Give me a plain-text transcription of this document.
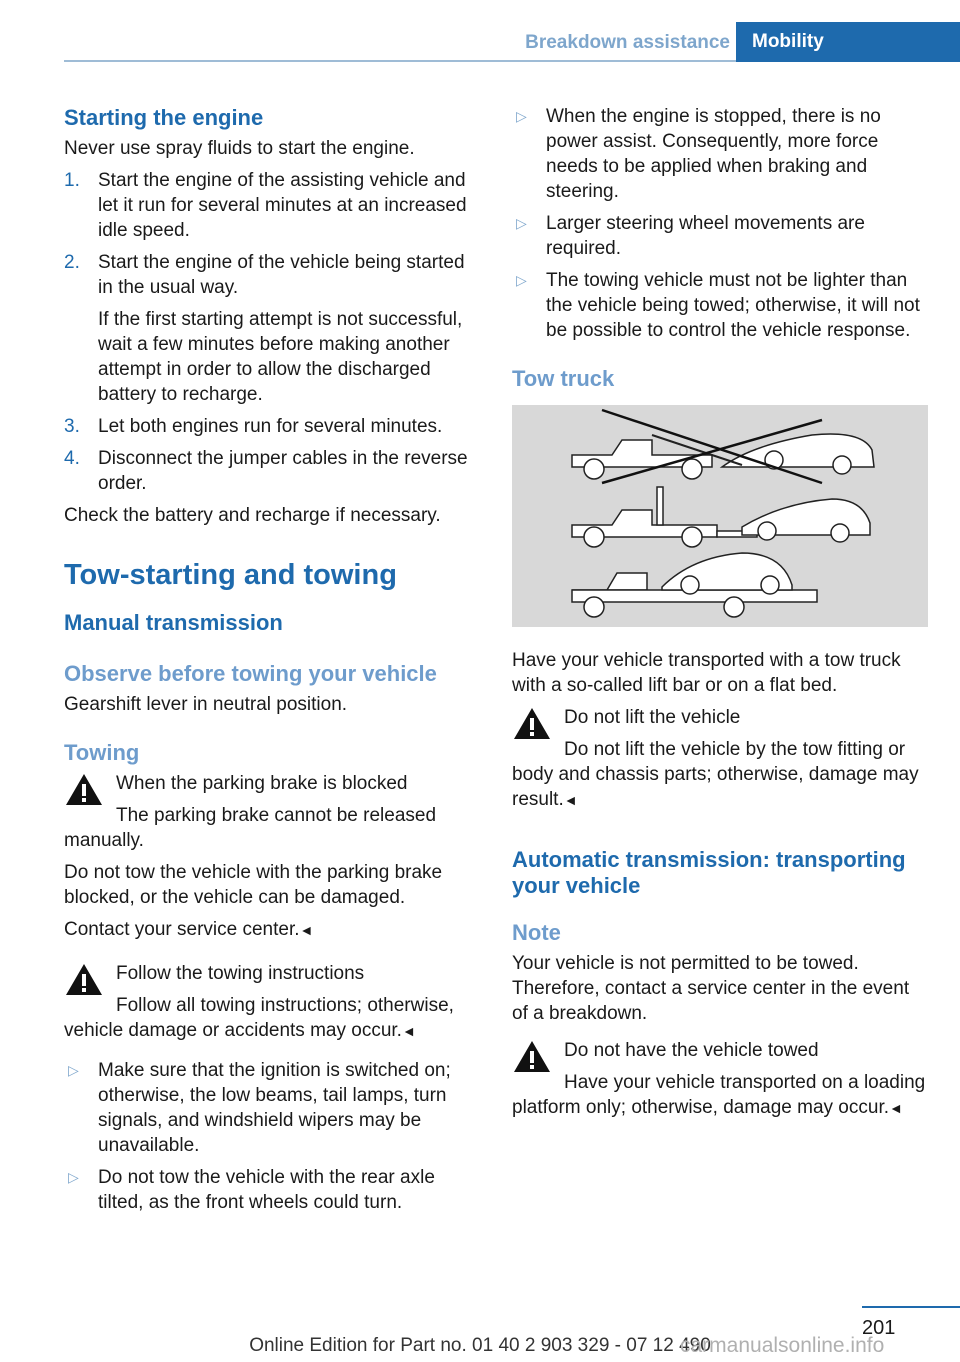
Breakdown assistance	Mobility
Starting the engine

Never use spray fluids to start the engine.

1. Start the engine of the assisting vehicle and let it run for several minutes at an increased idle speed.
2. Start the engine of the vehicle being started in the usual way.
If the first starting attempt is not successful, wait a few minutes before making another attempt in order to allow the discharged battery to recharge.
3. Let both engines run for several minutes.
4. Disconnect the jumper cables in the reverse order.

Check the battery and recharge if necessary.

Tow-starting and towing
Manual transmission
Observe before towing your vehicle

Gearshift lever in neutral position.

Towing
When the parking brake is blocked
The parking brake cannot be released manually.

Do not tow the vehicle with the parking brake blocked, or the vehicle can be damaged.

Contact your service center.◄

Follow the towing instructions
Follow all towing instructions; otherwise, vehicle damage or accidents may occur.◄
▷ Make sure that the ignition is switched on; otherwise, the low beams, tail lamps, turn signals, and windshield wipers may be unavailable.
▷ Do not tow the vehicle with the rear axle tilted, as the front wheels could turn.
▷ When the engine is stopped, there is no power assist. Consequently, more force needs to be applied when braking and steering.
▷ Larger steering wheel movements are required.
▷ The towing vehicle must not be lighter than the vehicle being towed; otherwise, it will not be possible to control the vehicle response.
Tow truck

Have your vehicle transported with a tow truck with a so-called lift bar or on a flat bed.

Do not lift the vehicle
Do not lift the vehicle by the tow fitting or body and chassis parts; otherwise, damage may result.◄
Automatic transmission: transporting your vehicle
Note

Your vehicle is not permitted to be towed. Therefore, contact a service center in the event of a breakdown.

Do not have the vehicle towed
Have your vehicle transported on a loading platform only; otherwise, damage may occur.◄
201
Online Edition for Part no. 01 40 2 903 329 - 07 12 490
carmanualsonline.info
